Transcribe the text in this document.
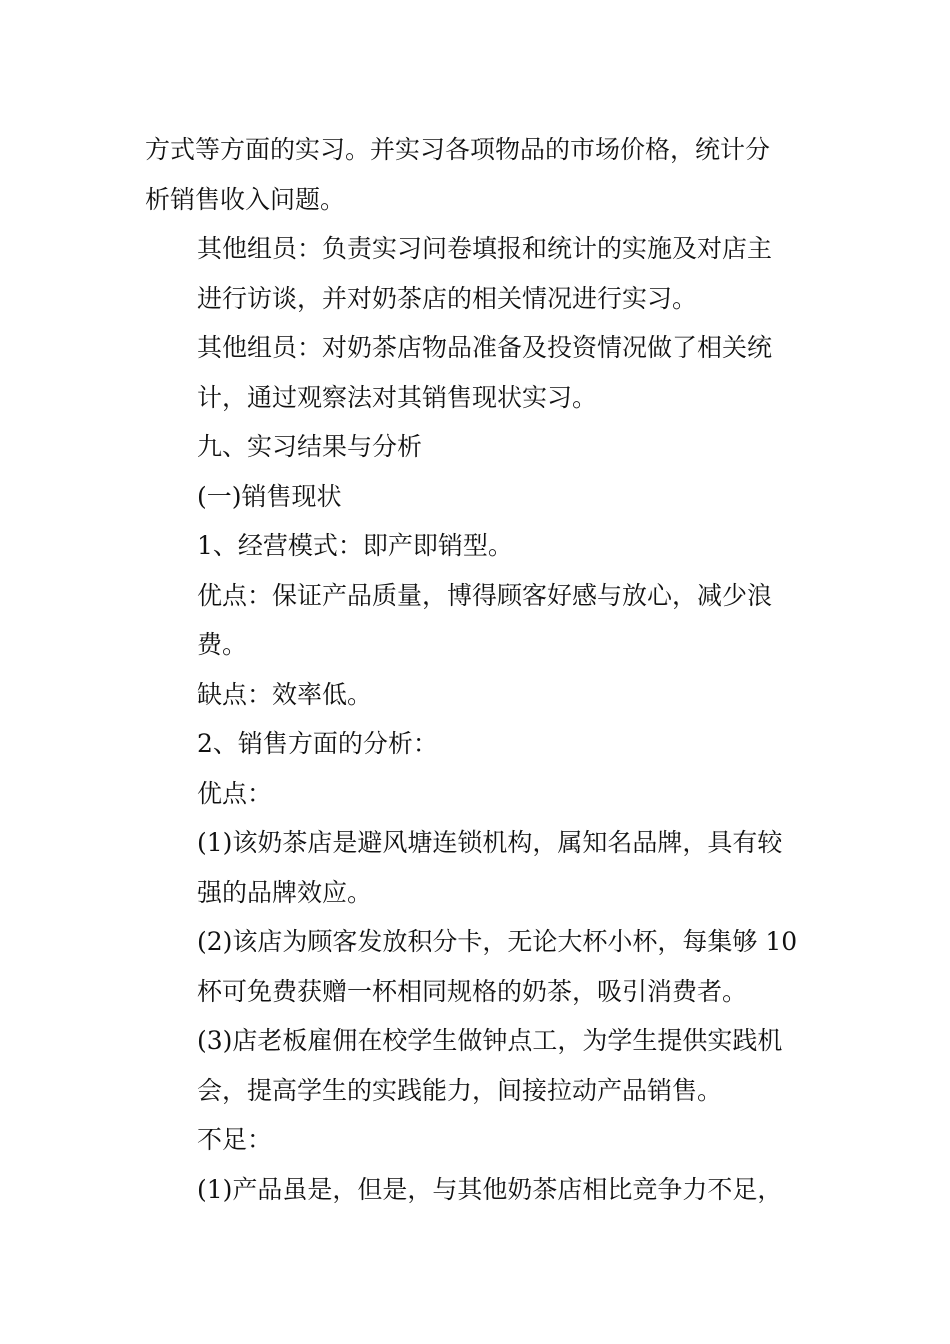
方式等方面的实习。并实习各项物品的市场价格，统计分
析销售收入问题。

其他组员：负责实习问卷填报和统计的实施及对店主
进行访谈，并对奶茶店的相关情况进行实习。

其他组员：对奶茶店物品准备及投资情况做了相关统
计，通过观察法对其销售现状实习。

九、实习结果与分析

(一)销售现状

1、经营模式：即产即销型。

优点：保证产品质量，博得顾客好感与放心，减少浪
费。

缺点：效率低。

2、销售方面的分析：

优点：

(1)该奶茶店是避风塘连锁机构，属知名品牌，具有较
强的品牌效应。

(2)该店为顾客发放积分卡，无论大杯小杯，每集够 10
杯可免费获赠一杯相同规格的奶茶，吸引消费者。

(3)店老板雇佣在校学生做钟点工，为学生提供实践机
会，提高学生的实践能力，间接拉动产品销售。

不足：

(1)产品虽是，但是，与其他奶茶店相比竞争力不足，
